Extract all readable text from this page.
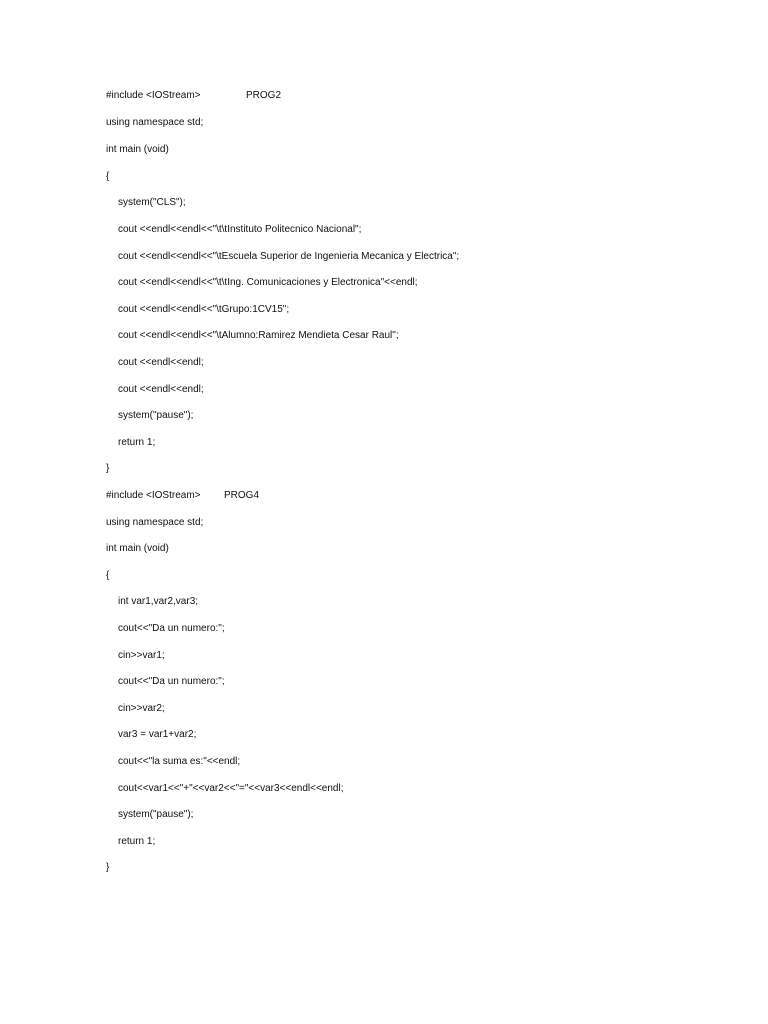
#include <IOStream>	PROG2
using namespace std;
int main (void)
{
system("CLS");
cout <<endl<<endl<<"\t\tInstituto Politecnico Nacional";
cout <<endl<<endl<<"\tEscuela Superior de Ingenieria Mecanica y Electrica";
cout <<endl<<endl<<"\t\tIng. Comunicaciones y Electronica"<<endl;
cout <<endl<<endl<<"\tGrupo:1CV15";
cout <<endl<<endl<<"\tAlumno:Ramirez Mendieta Cesar Raul";
cout <<endl<<endl;
cout <<endl<<endl;
system("pause");
return 1;
}
#include <IOStream> PROG4
using namespace std;
int main (void)
{
int var1,var2,var3;
cout<<"Da un numero:";
cin>>var1;
cout<<"Da un numero:";
cin>>var2;
var3 = var1+var2;
cout<<"la suma es:"<<endl;
cout<<var1<<"+"<<var2<<"="<<var3<<endl<<endl;
system("pause");
return 1;
}
